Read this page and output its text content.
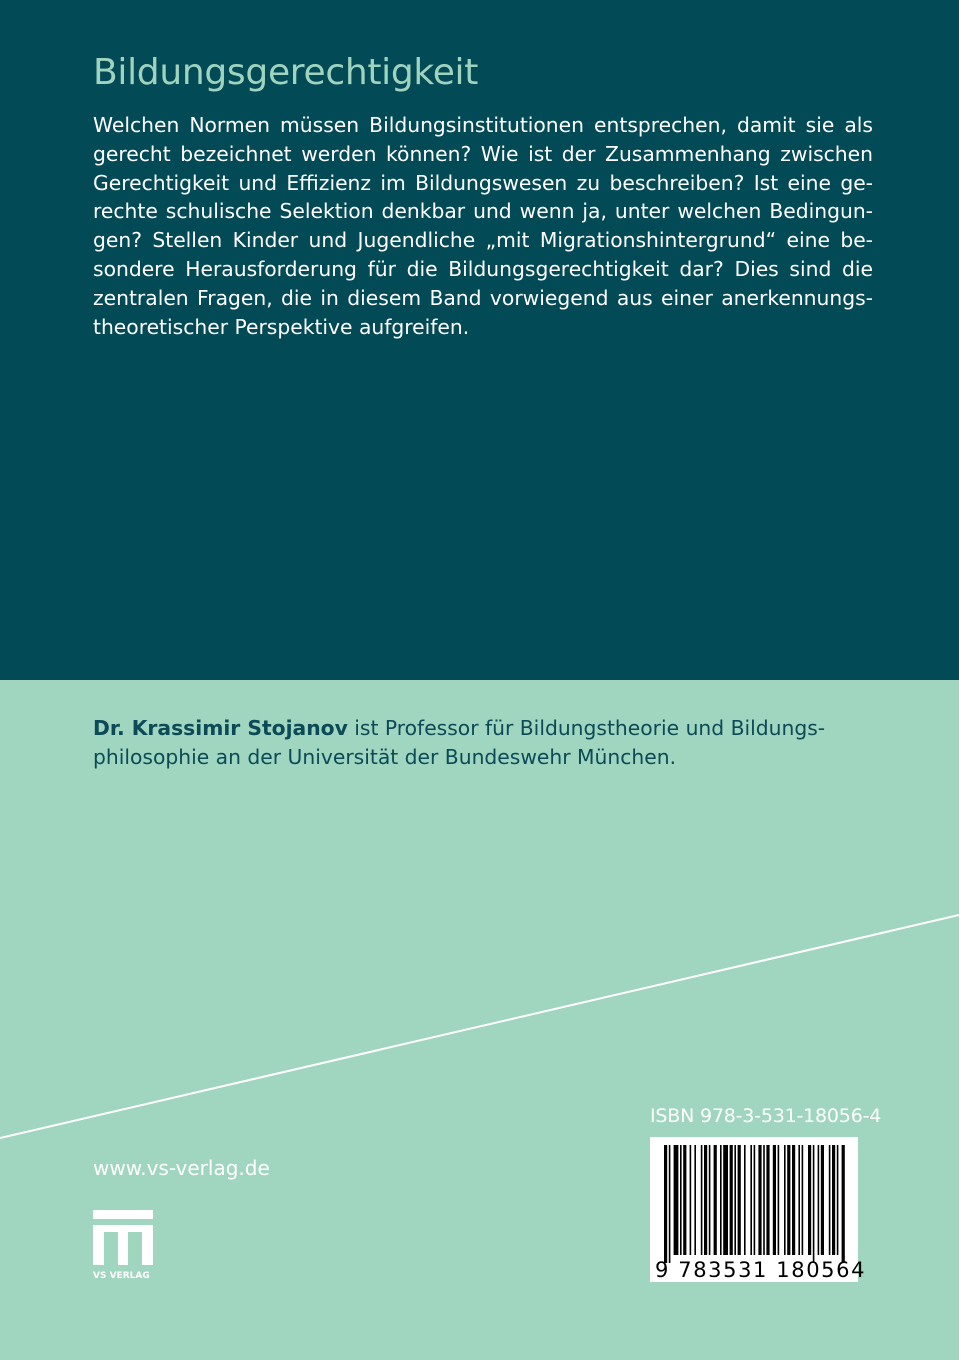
Bildungsgerechtigkeit
Welchen Normen müssen Bildungsinstitutionen entsprechen, damit sie als
gerecht bezeichnet werden können? Wie ist der Zusammenhang zwischen
Gerechtigkeit und Effizienz im Bildungswesen zu beschreiben? Ist eine ge-
rechte schulische Selektion denkbar und wenn ja, unter welchen Bedingun-
gen? Stellen Kinder und Jugendliche „mit Migrationshintergrund“ eine be-
sondere Herausforderung für die Bildungsgerechtigkeit dar? Dies sind die
zentralen Fragen, die in diesem Band vorwiegend aus einer anerkennungs-
theoretischer Perspektive aufgreifen.
Dr. Krassimir Stojanov ist Professor für Bildungstheorie und Bildungs-
philosophie an der Universität der Bundeswehr München.
www.vs-verlag.de
VS VERLAG
ISBN 978-3-531-18056-4
9 783531 180564
